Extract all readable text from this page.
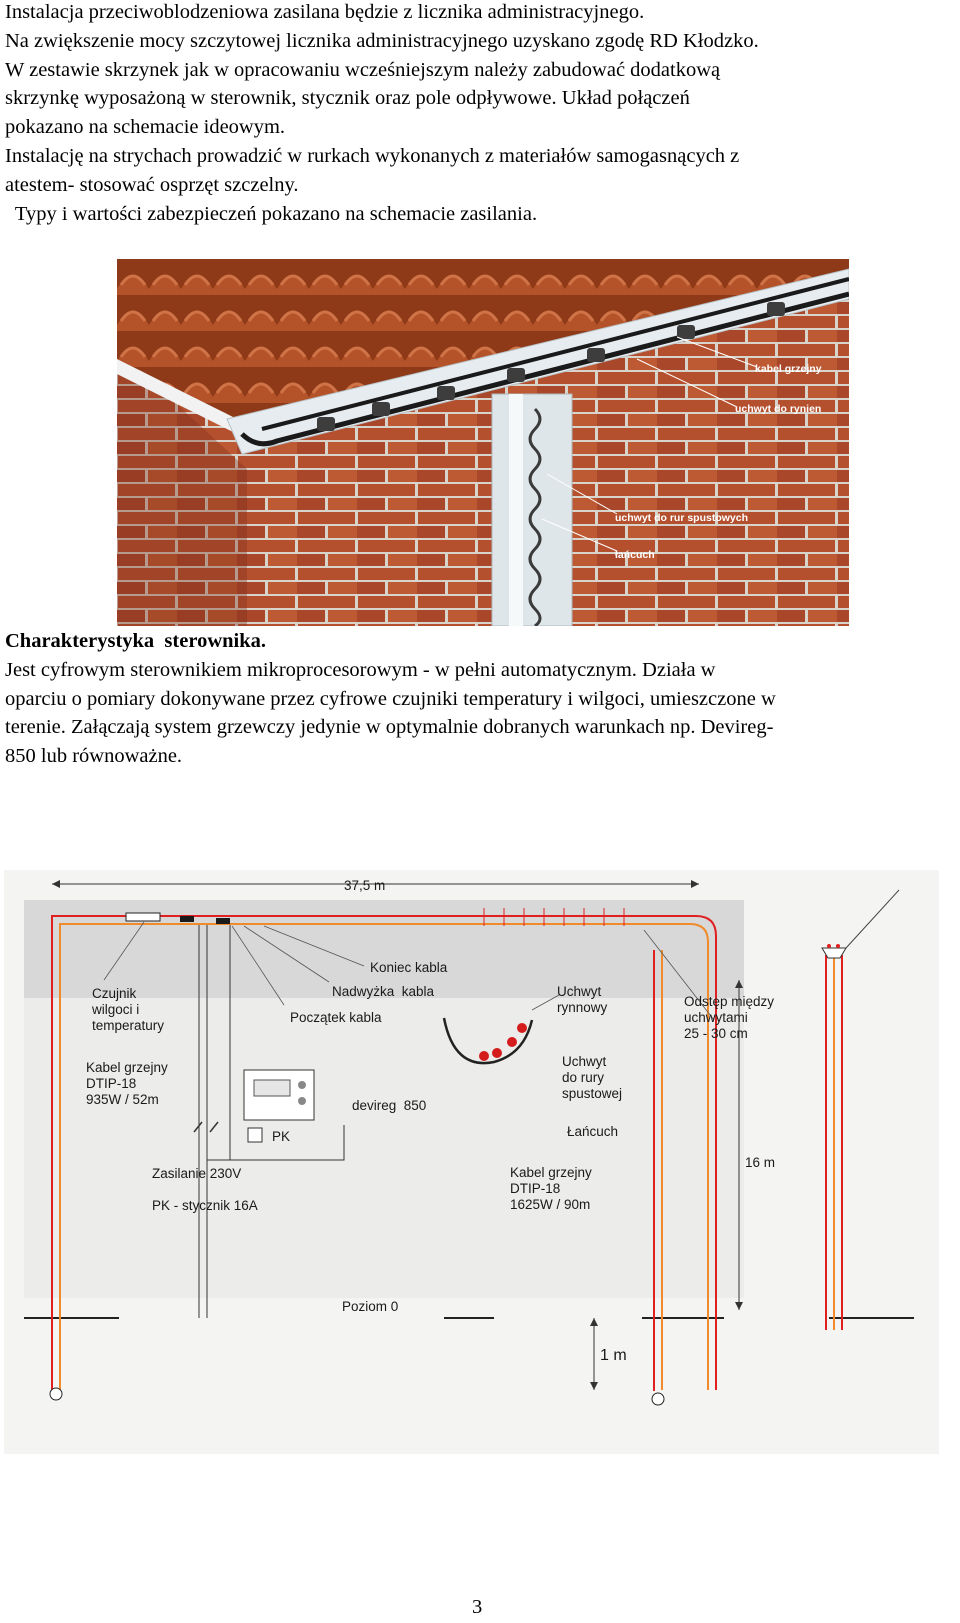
Instalacja przeciwoblodzeniowa zasilana będzie z licznika administracyjnego.
Na zwiększenie mocy szczytowej licznika administracyjnego uzyskano zgodę RD Kłodzko.
W zestawie skrzynek jak w opracowaniu wcześniejszym należy zabudować dodatkową
skrzynkę wyposażoną w sterownik, stycznik oraz pole odpływowe. Układ połączeń
pokazano na schemacie ideowym.
Instalację na strychach prowadzić w rurkach wykonanych z materiałów samogasnących z
atestem- stosować osprzęt szczelny.
Typy i wartości zabezpieczeń pokazano na schemacie zasilania.
kabel grzejny
uchwyt do rynien
uchwyt do rur spustowych
łańcuch
Charakterystyka  sterownika.
Jest cyfrowym sterownikiem mikroprocesorowym - w pełni automatycznym. Działa w
oparciu o pomiary dokonywane przez cyfrowe czujniki temperatury i wilgoci, umieszczone w
terenie. Załączają system grzewczy jedynie w optymalnie dobranych warunkach np. Devireg-
850 lub równoważne.
37,5 m
16 m
1 m
Koniec kabla
Nadwyżka  kabla
Początek kabla
Czujnik wilgoci i temperatury
Uchwyt rynnowy	Odstęp między uchwytami 25 - 30 cm
Kabel grzejny DTIP-18 935W / 52m
Uchwyt do rury spustowej
devireg  850
PK	Łańcuch
Zasilanie 230V
PK - stycznik 16A
Kabel grzejny DTIP-18 1625W / 90m
Poziom 0
3
